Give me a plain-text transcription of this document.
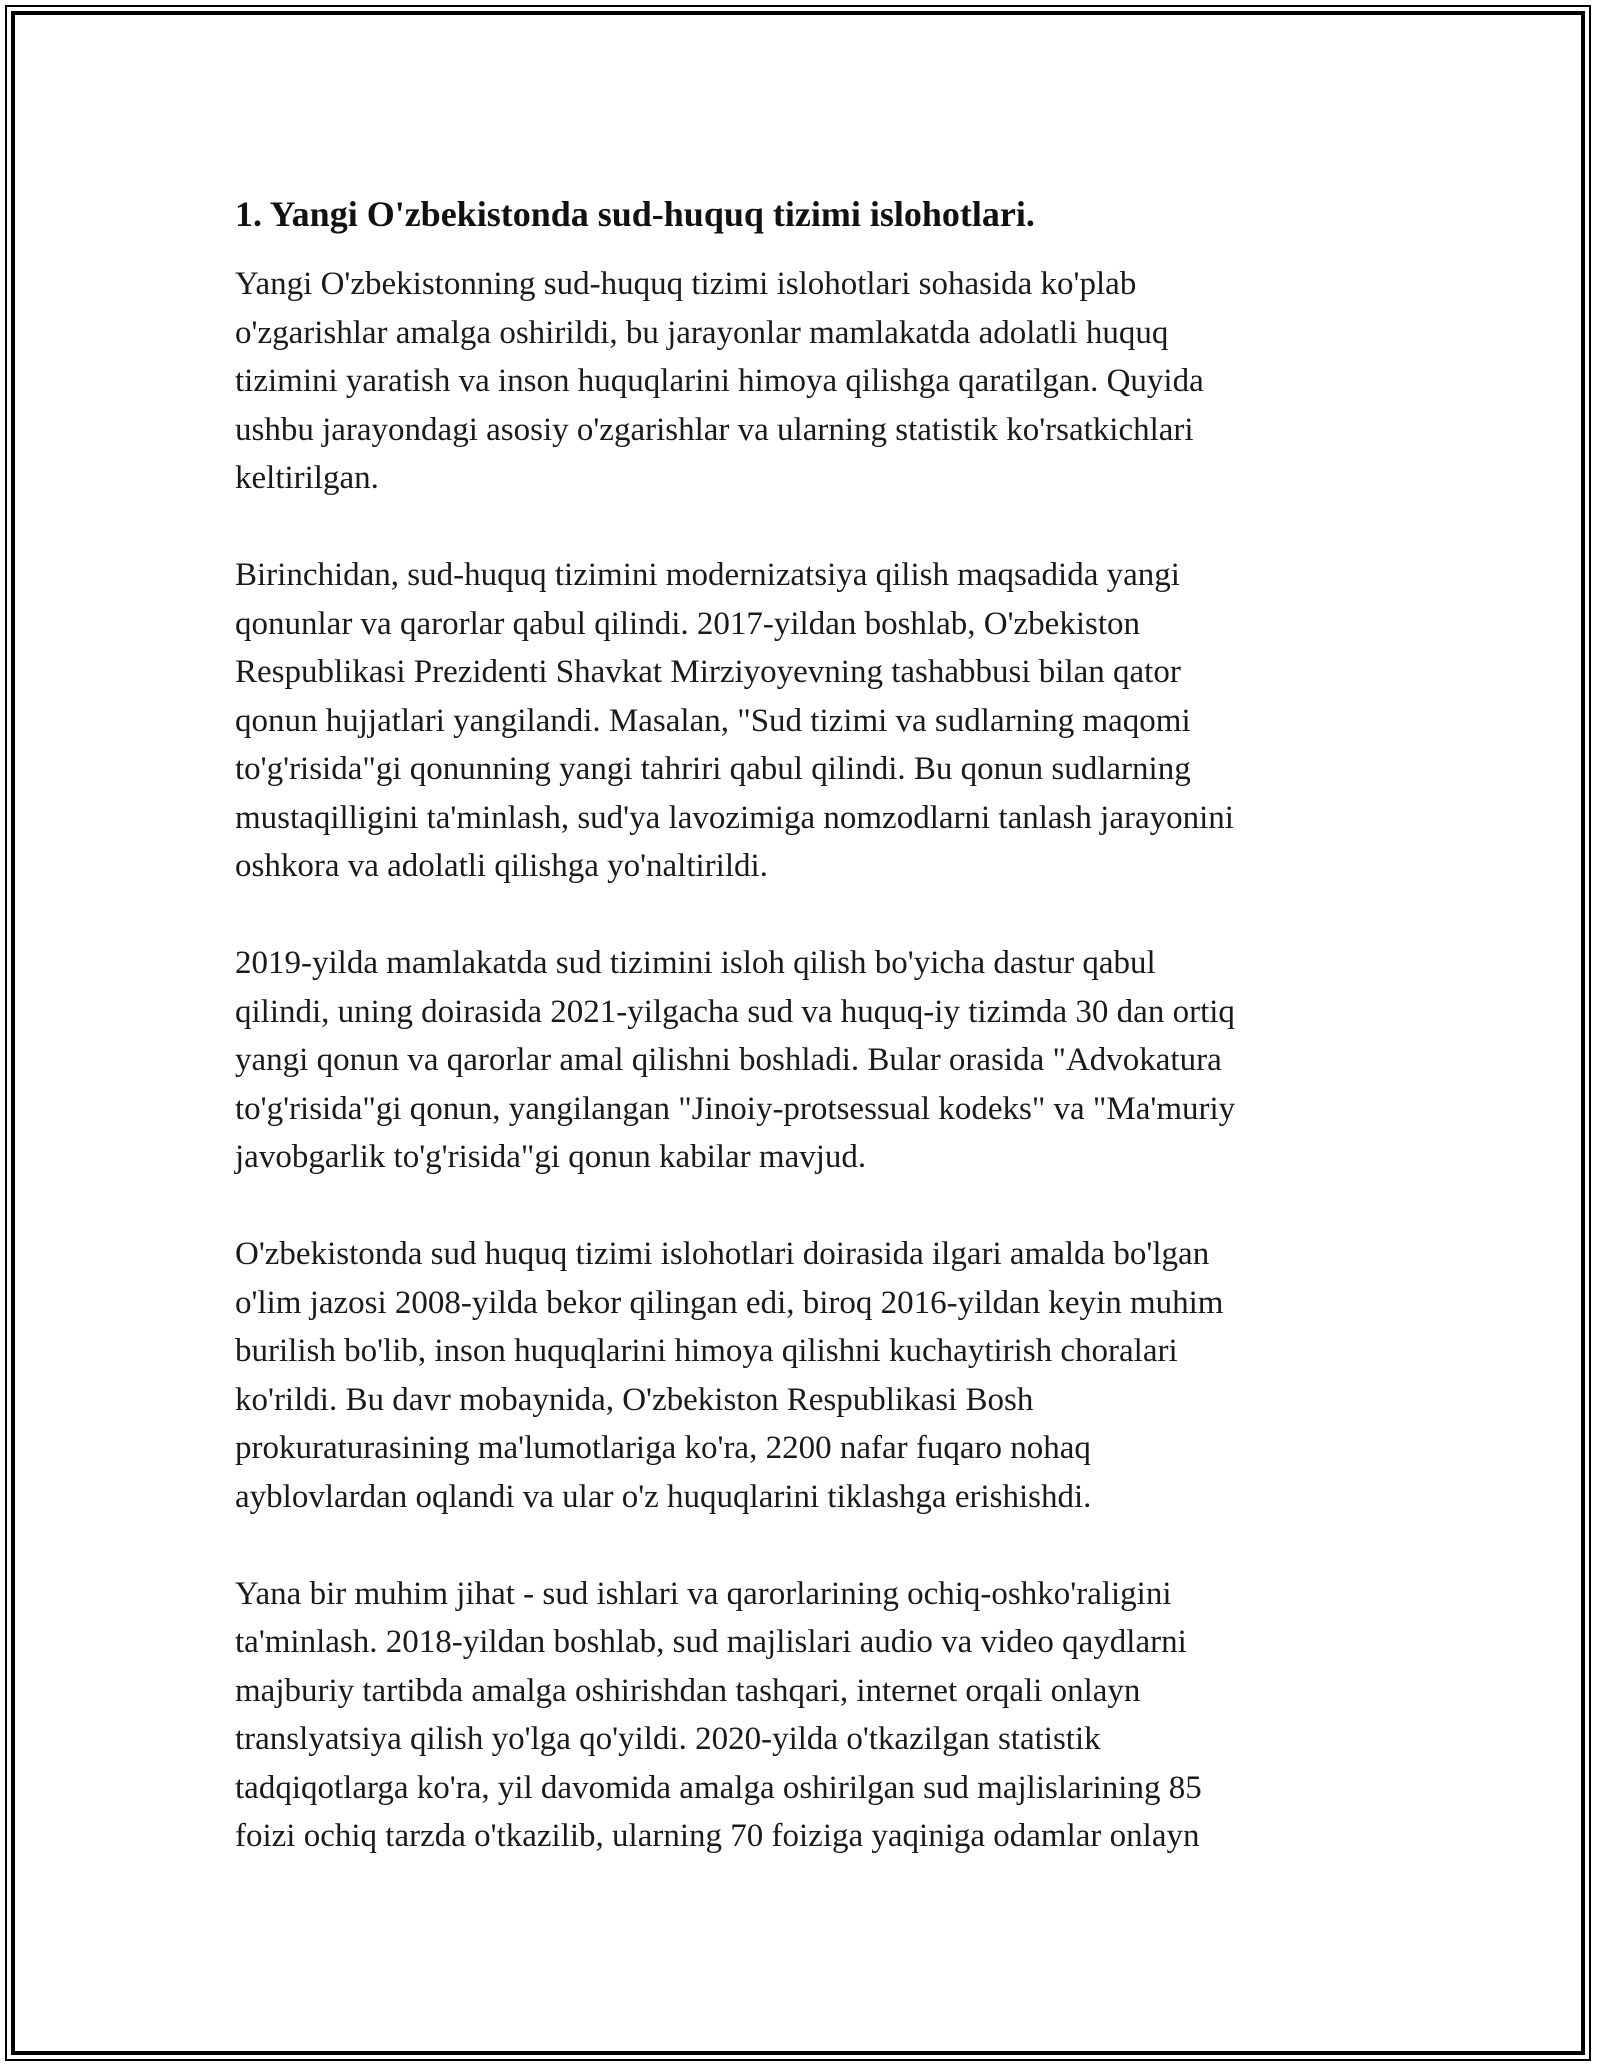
1. Yangi O'zbekistonda sud-huquq tizimi islohotlari.

Yangi O'zbekistonning sud-huquq tizimi islohotlari sohasida ko'plab
o'zgarishlar amalga oshirildi, bu jarayonlar mamlakatda adolatli huquq
tizimini yaratish va inson huquqlarini himoya qilishga qaratilgan. Quyida
ushbu jarayondagi asosiy o'zgarishlar va ularning statistik ko'rsatkichlari
keltirilgan.

Birinchidan, sud-huquq tizimini modernizatsiya qilish maqsadida yangi
qonunlar va qarorlar qabul qilindi. 2017-yildan boshlab, O'zbekiston
Respublikasi Prezidenti Shavkat Mirziyoyevning tashabbusi bilan qator
qonun hujjatlari yangilandi. Masalan, "Sud tizimi va sudlarning maqomi
to'g'risida"gi qonunning yangi tahriri qabul qilindi. Bu qonun sudlarning
mustaqilligini ta'minlash, sud'ya lavozimiga nomzodlarni tanlash jarayonini
oshkora va adolatli qilishga yo'naltirildi.

2019-yilda mamlakatda sud tizimini isloh qilish bo'yicha dastur qabul
qilindi, uning doirasida 2021-yilgacha sud va huquq-iy tizimda 30 dan ortiq
yangi qonun va qarorlar amal qilishni boshladi. Bular orasida "Advokatura
to'g'risida"gi qonun, yangilangan "Jinoiy-protsessual kodeks" va "Ma'muriy
javobgarlik to'g'risida"gi qonun kabilar mavjud.

O'zbekistonda sud huquq tizimi islohotlari doirasida ilgari amalda bo'lgan
o'lim jazosi 2008-yilda bekor qilingan edi, biroq 2016-yildan keyin muhim
burilish bo'lib, inson huquqlarini himoya qilishni kuchaytirish choralari
ko'rildi. Bu davr mobaynida, O'zbekiston Respublikasi Bosh
prokuraturasining ma'lumotlariga ko'ra, 2200 nafar fuqaro nohaq
ayblovlardan oqlandi va ular o'z huquqlarini tiklashga erishishdi.

Yana bir muhim jihat - sud ishlari va qarorlarining ochiq-oshko'raligini
ta'minlash. 2018-yildan boshlab, sud majlislari audio va video qaydlarni
majburiy tartibda amalga oshirishdan tashqari, internet orqali onlayn
translyatsiya qilish yo'lga qo'yildi. 2020-yilda o'tkazilgan statistik
tadqiqotlarga ko'ra, yil davomida amalga oshirilgan sud majlislarining 85
foizi ochiq tarzda o'tkazilib, ularning 70 foiziga yaqiniga odamlar onlayn
